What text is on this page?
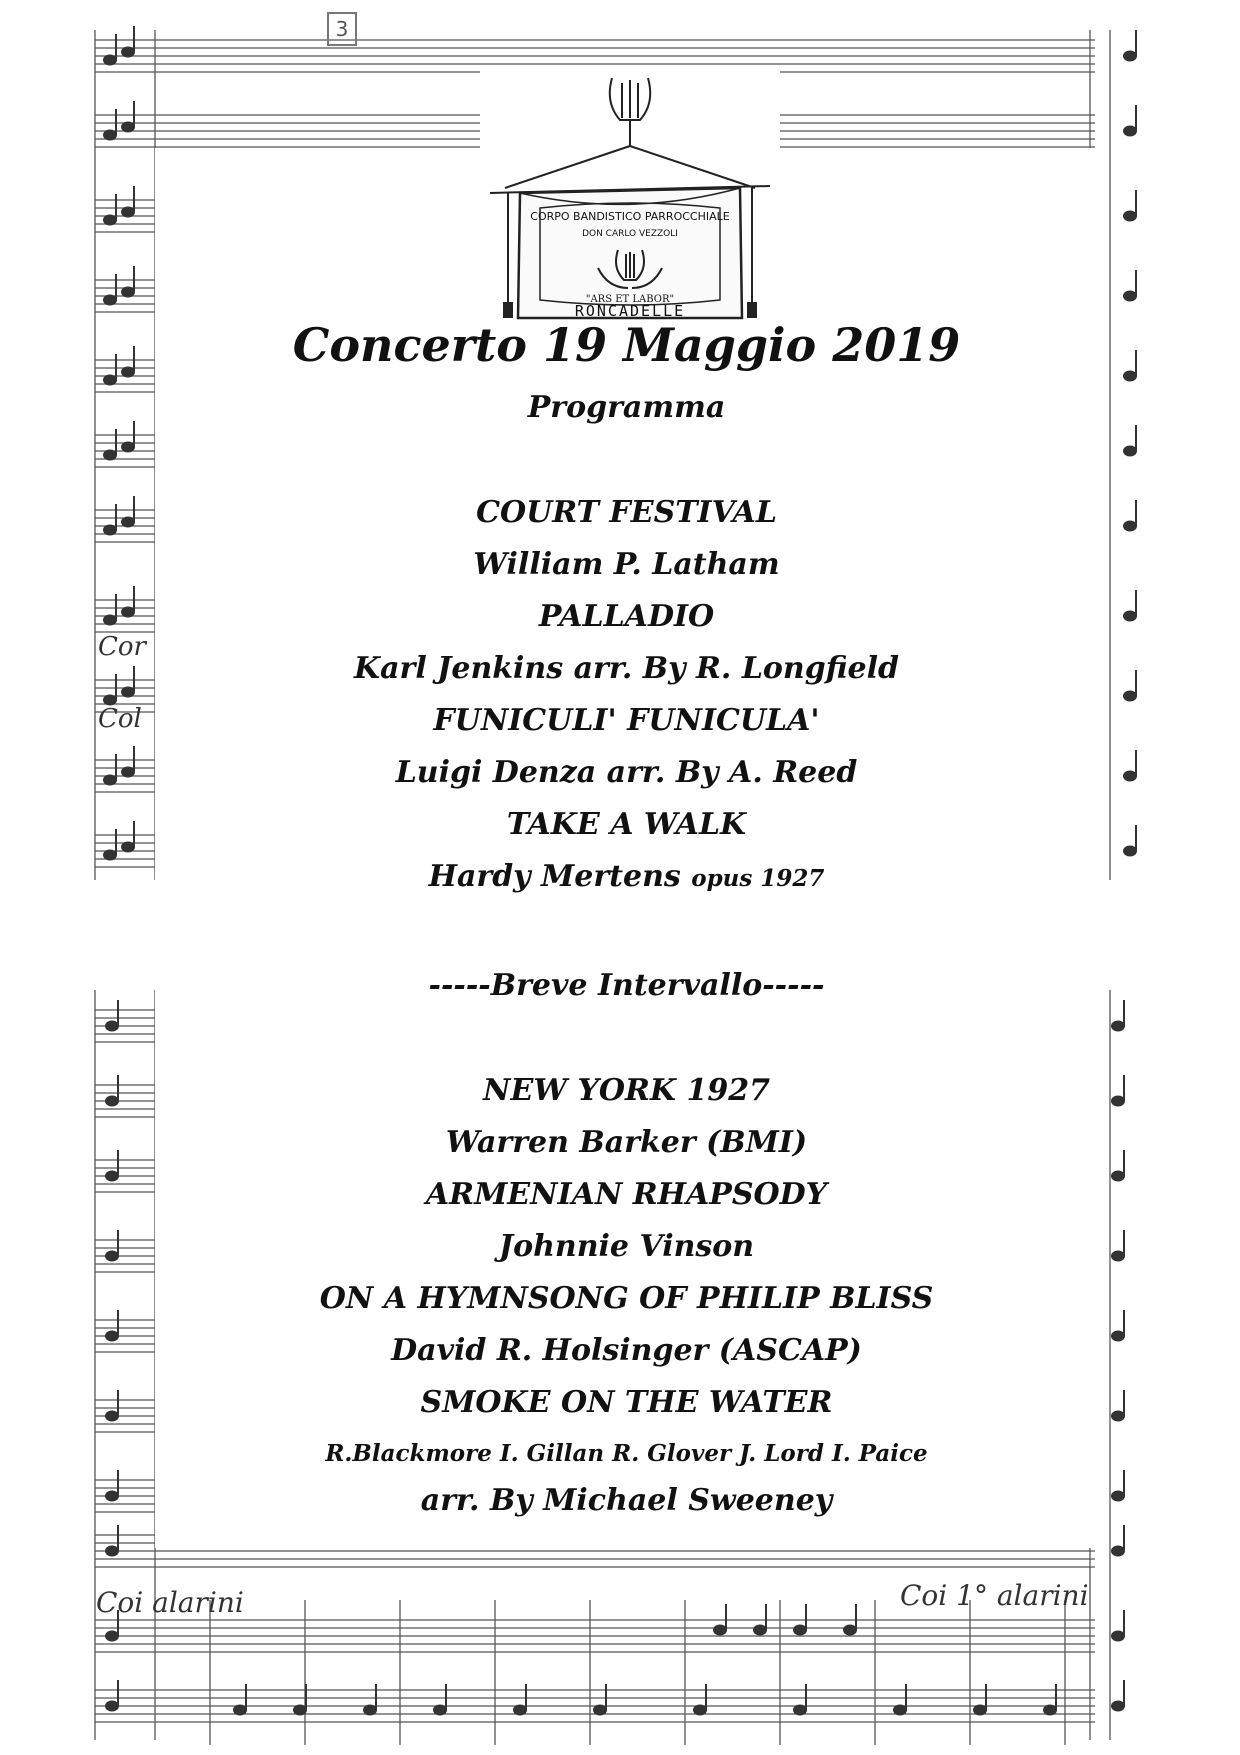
Cor
Col
Coi alarini	Coi 1° alarini
3
CORPO BANDISTICO PARROCCHIALE
DON CARLO VEZZOLI
"ARS ET LABOR"
RONCADELLE
Concerto 19 Maggio 2019
Programma
COURT FESTIVAL
William P. Latham
PALLADIO
Karl Jenkins arr. By R. Longfield
FUNICULI' FUNICULA'
Luigi Denza arr. By A. Reed
TAKE A WALK
Hardy Mertens opus 1927
-----Breve Intervallo-----
NEW YORK 1927
Warren Barker (BMI)
ARMENIAN RHAPSODY
Johnnie Vinson
ON A HYMNSONG OF PHILIP BLISS
David R. Holsinger (ASCAP)
SMOKE ON THE WATER
R.Blackmore I. Gillan R. Glover J. Lord I. Paice
arr. By Michael Sweeney
